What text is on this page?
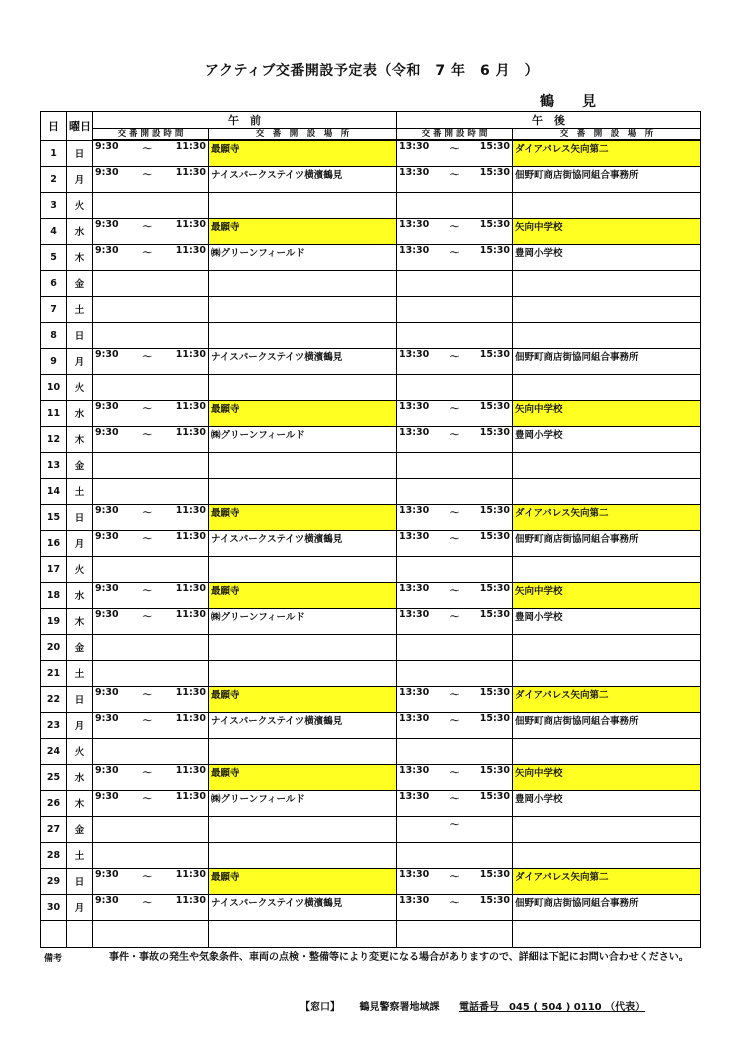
アクティブ交番開設予定表（令和　7 年　6 月　）
鶴見
日	曜日	午　前		午　後	
		交 番 開 設 時 間	交　番　開　設　場　所	交 番 開 設 時 間	交　番　開　設　場　所
1	日	9:30 ～ 11:30	最願寺	13:30 ～ 15:30	ダイアパレス矢向第二
2	月	9:30 ～ 11:30	ナイスパークステイツ横濱鶴見	13:30 ～ 15:30	佃野町商店街協同組合事務所
3	火				
4	水	9:30 ～ 11:30	最願寺	13:30 ～ 15:30	矢向中学校
5	木	9:30 ～ 11:30	㈱グリーンフィールド	13:30 ～ 15:30	豊岡小学校
6	金				
7	土				
8	日				
9	月	9:30 ～ 11:30	ナイスパークステイツ横濱鶴見	13:30 ～ 15:30	佃野町商店街協同組合事務所
10	火				
11	水	9:30 ～ 11:30	最願寺	13:30 ～ 15:30	矢向中学校
12	木	9:30 ～ 11:30	㈱グリーンフィールド	13:30 ～ 15:30	豊岡小学校
13	金				
14	土				
15	日	9:30 ～ 11:30	最願寺	13:30 ～ 15:30	ダイアパレス矢向第二
16	月	9:30 ～ 11:30	ナイスパークステイツ横濱鶴見	13:30 ～ 15:30	佃野町商店街協同組合事務所
17	火				
18	水	9:30 ～ 11:30	最願寺	13:30 ～ 15:30	矢向中学校
19	木	9:30 ～ 11:30	㈱グリーンフィールド	13:30 ～ 15:30	豊岡小学校
20	金				
21	土				
22	日	9:30 ～ 11:30	最願寺	13:30 ～ 15:30	ダイアパレス矢向第二
23	月	9:30 ～ 11:30	ナイスパークステイツ横濱鶴見	13:30 ～ 15:30	佃野町商店街協同組合事務所
24	火				
25	水	9:30 ～ 11:30	最願寺	13:30 ～ 15:30	矢向中学校
26	木	9:30 ～ 11:30	㈱グリーンフィールド	13:30 ～ 15:30	豊岡小学校
27	金			～	

28	土				
29	日	9:30 ～ 11:30	最願寺	13:30 ～ 15:30	ダイアパレス矢向第二
30	月	9:30 ～ 11:30	ナイスパークステイツ横濱鶴見	13:30 ～ 15:30	佃野町商店街協同組合事務所

備考	事件・事故の発生や気象条件、車両の点検・整備等により変更になる場合がありますので、詳細は下記にお問い合わせください。
【窓口】 鶴見警察署地域課 電話番号　045 ( 504 ) 0110 （代表）
